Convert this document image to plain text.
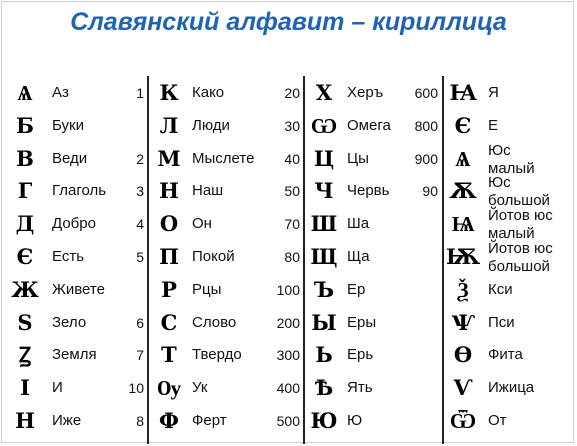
Славянский алфавит – кириллица
Ѧ	Аз	1
Б	Буки
В	Веди	2
Г	Глаголь	3
Д	Добро	4
Є	Есть	5
Ж Живете
Ѕ	Зело	6
Ꙁ	Земля	7
І	И	10
Н	Иже	8
К Како	20
Л Люди	30
М Мыслете	40
Н Наш	50
О Он	70
П Покой	80
Р	Рцы	100
С Слово	200
Т	Твердо	300
Ѹ Ук	400
Ф Ферт	500
Х Херъ	600
Ѡ Омега	800
Ц Цы	900
Ч Червь	90
Ш Ша
Щ Ща
Ъ Ер
Ы Еры
Ь Ерь
Ѣ Ять
Ю Ю
Ꙗ Я
Є	Е
Ѧ	Юс
малый
Ѫ Юс
большой
Ѩ Йотов юс
малый
Ѭ Йотов юс
большой
Ѯ	Кси
Ѱ Пси
Ѳ	Фита
Ѵ	Ижица
Ѿ От
